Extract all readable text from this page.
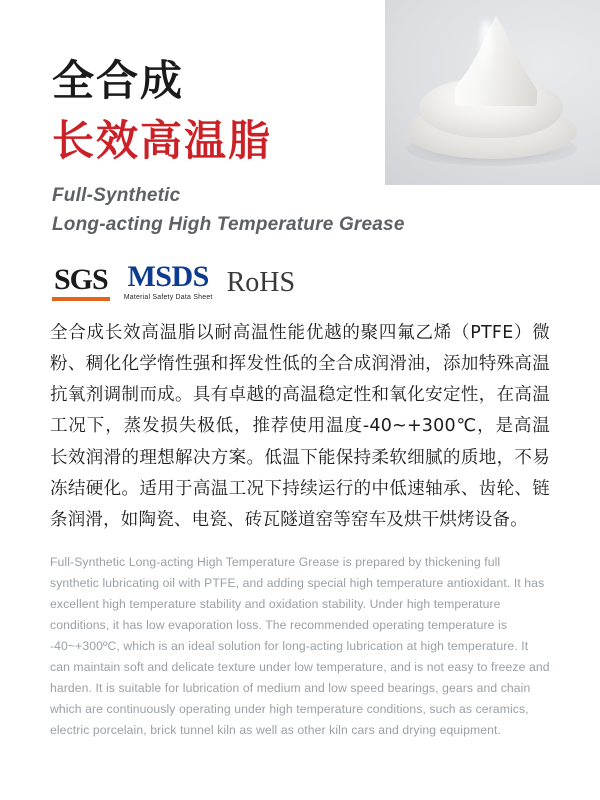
全合成
长效高温脂
Full-Synthetic
Long-acting High Temperature Grease
SGS MSDS
Material Safety Data Sheet RoHS
全合成长效高温脂以耐高温性能优越的聚四氟乙烯（PTFE）微粉、稠化化学惰性强和挥发性低的全合成润滑油，添加特殊高温抗氧剂调制而成。具有卓越的高温稳定性和氧化安定性，在高温工况下，蒸发损失极低，推荐使用温度-40~+300℃，是高温长效润滑的理想解决方案。低温下能保持柔软细腻的质地，不易冻结硬化。适用于高温工况下持续运行的中低速轴承、齿轮、链条润滑，如陶瓷、电瓷、砖瓦隧道窑等窑车及烘干烘烤设备。
Full-Synthetic Long-acting High Temperature Grease is prepared by thickening full synthetic lubricating oil with PTFE, and adding special high temperature antioxidant. It has excellent high temperature stability and oxidation stability. Under high temperature conditions, it has low evaporation loss. The recommended operating temperature is -40~+300ºC, which is an ideal solution for long-acting lubrication at high temperature. It can maintain soft and delicate texture under low temperature, and is not easy to freeze and harden. It is suitable for lubrication of medium and low speed bearings, gears and chain which are continuously operating under high temperature conditions, such as ceramics, electric porcelain, brick tunnel kiln as well as other kiln cars and drying equipment.
